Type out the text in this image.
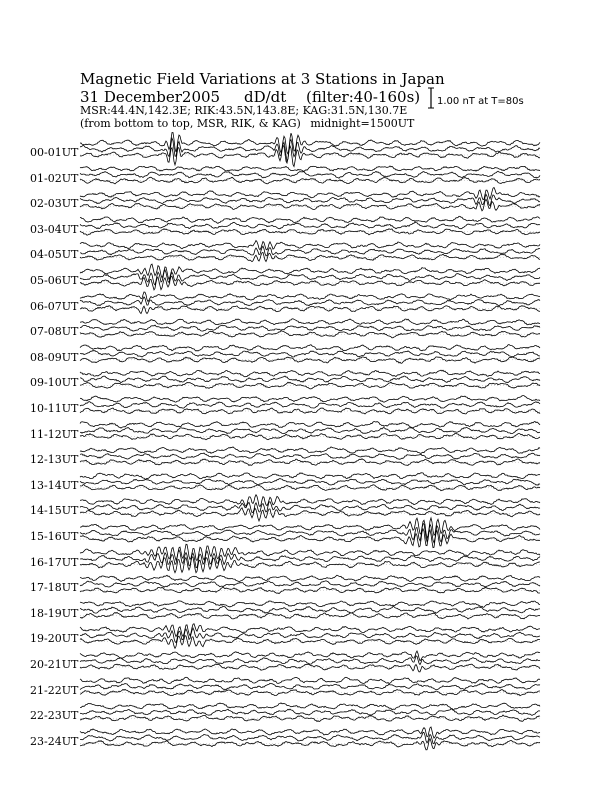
Magnetic Field Variations at 3 Stations in Japan
31 December2005 dD/dt (filter:40-160s)
MSR:44.4N,142.3E; RIK:43.5N,143.8E; KAG:31.5N,130.7E
(from bottom to top, MSR, RIK, & KAG) midnight=1500UT
1.00 nT at T=80s
00-01UT
01-02UT
02-03UT
03-04UT
04-05UT
05-06UT
06-07UT
07-08UT
08-09UT
09-10UT
10-11UT
11-12UT
12-13UT
13-14UT
14-15UT
15-16UT
16-17UT
17-18UT
18-19UT
19-20UT
20-21UT
21-22UT
22-23UT
23-24UT
